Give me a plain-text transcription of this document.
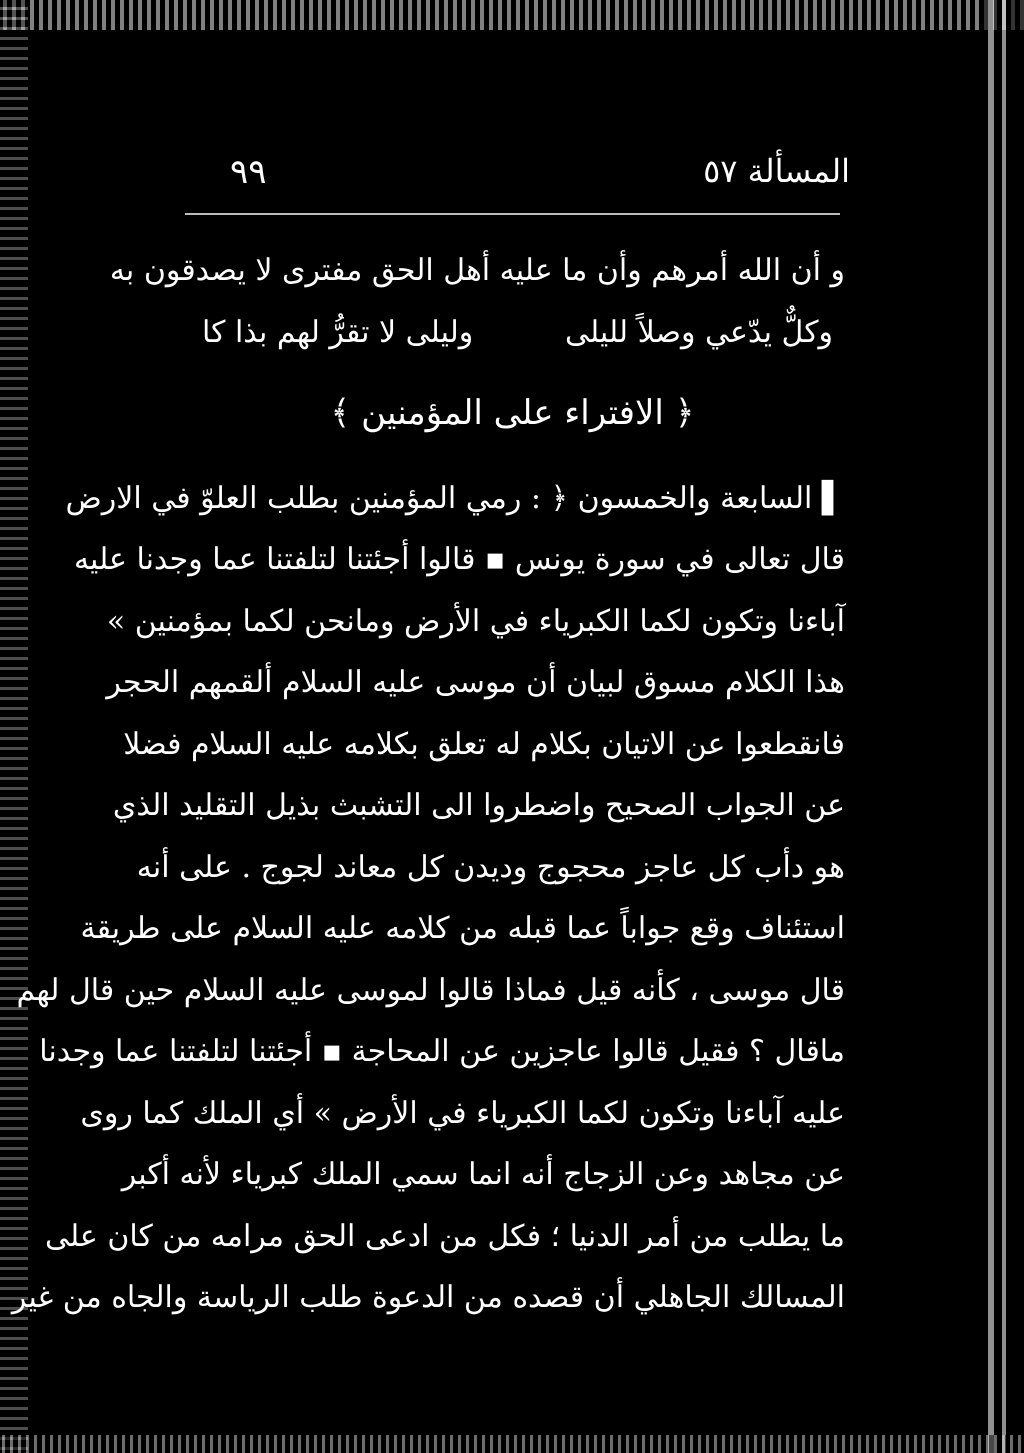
٩٩	المسألة ٥٧
و أن الله أمرهم وأن ما عليه أهل الحق مفترى لا يصدقون به
وكلٌّ يدّعي وصلاً لليلى
وليلى لا تقرُّ لهم بذا كا
﴿ الافتراء على المؤمنين ﴾
▌ السابعة والخمسون ﴿ : رمي المؤمنين بطلب العلوّ في الارض
قال تعالى في سورة يونس ▪ قالوا أجئتنا لتلفتنا عما وجدنا عليه
آباءنا وتكون لكما الكبرياء في الأرض ومانحن لكما بمؤمنين »
هذا الكلام مسوق لبيان أن موسى عليه السلام ألقمهم الحجر
فانقطعوا عن الاتيان بكلام له تعلق بكلامه عليه السلام فضلا
عن الجواب الصحيح واضطروا الى التشبث بذيل التقليد الذي
هو دأب كل عاجز محجوج وديدن كل معاند لجوج . على أنه
استئناف وقع جواباً عما قبله من كلامه عليه السلام على طريقة
قال موسى ، كأنه قيل فماذا قالوا لموسى عليه السلام حين قال لهم
ماقال ؟ فقيل قالوا عاجزين عن المحاجة ▪ أجئتنا لتلفتنا عما وجدنا
عليه آباءنا وتكون لكما الكبرياء في الأرض » أي الملك كما روى
عن مجاهد وعن الزجاج أنه انما سمي الملك كبرياء لأنه أكبر
ما يطلب من أمر الدنيا ؛ فكل من ادعى الحق مرامه من كان على
المسالك الجاهلي أن قصده من الدعوة طلب الرياسة والجاه من غير
